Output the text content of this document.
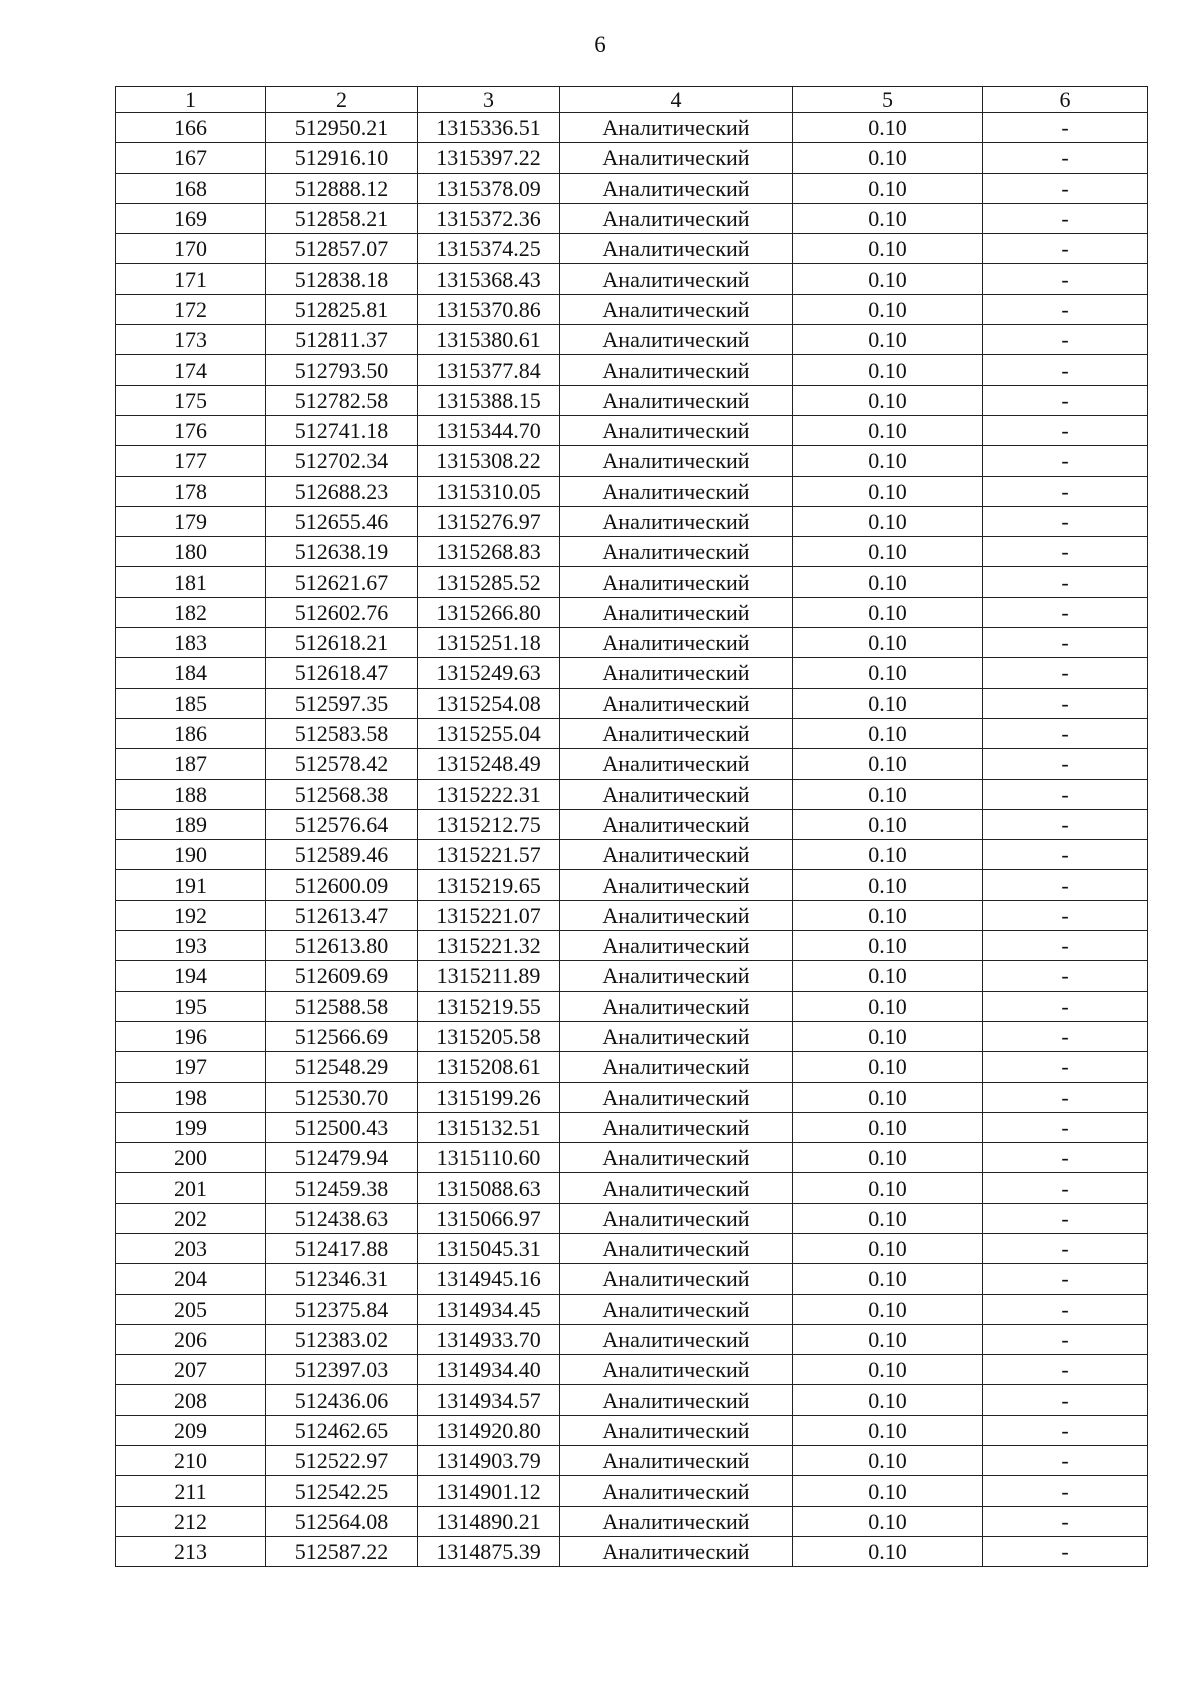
6
1	2	3	4	5	6
166	512950.21	1315336.51	Аналитический	0.10	-
167	512916.10	1315397.22	Аналитический	0.10	-
168	512888.12	1315378.09	Аналитический	0.10	-
169	512858.21	1315372.36	Аналитический	0.10	-
170	512857.07	1315374.25	Аналитический	0.10	-
171	512838.18	1315368.43	Аналитический	0.10	-
172	512825.81	1315370.86	Аналитический	0.10	-
173	512811.37	1315380.61	Аналитический	0.10	-
174	512793.50	1315377.84	Аналитический	0.10	-
175	512782.58	1315388.15	Аналитический	0.10	-
176	512741.18	1315344.70	Аналитический	0.10	-
177	512702.34	1315308.22	Аналитический	0.10	-
178	512688.23	1315310.05	Аналитический	0.10	-
179	512655.46	1315276.97	Аналитический	0.10	-
180	512638.19	1315268.83	Аналитический	0.10	-
181	512621.67	1315285.52	Аналитический	0.10	-
182	512602.76	1315266.80	Аналитический	0.10	-
183	512618.21	1315251.18	Аналитический	0.10	-
184	512618.47	1315249.63	Аналитический	0.10	-
185	512597.35	1315254.08	Аналитический	0.10	-
186	512583.58	1315255.04	Аналитический	0.10	-
187	512578.42	1315248.49	Аналитический	0.10	-
188	512568.38	1315222.31	Аналитический	0.10	-
189	512576.64	1315212.75	Аналитический	0.10	-
190	512589.46	1315221.57	Аналитический	0.10	-
191	512600.09	1315219.65	Аналитический	0.10	-
192	512613.47	1315221.07	Аналитический	0.10	-
193	512613.80	1315221.32	Аналитический	0.10	-
194	512609.69	1315211.89	Аналитический	0.10	-
195	512588.58	1315219.55	Аналитический	0.10	-
196	512566.69	1315205.58	Аналитический	0.10	-
197	512548.29	1315208.61	Аналитический	0.10	-
198	512530.70	1315199.26	Аналитический	0.10	-
199	512500.43	1315132.51	Аналитический	0.10	-
200	512479.94	1315110.60	Аналитический	0.10	-
201	512459.38	1315088.63	Аналитический	0.10	-
202	512438.63	1315066.97	Аналитический	0.10	-
203	512417.88	1315045.31	Аналитический	0.10	-
204	512346.31	1314945.16	Аналитический	0.10	-
205	512375.84	1314934.45	Аналитический	0.10	-
206	512383.02	1314933.70	Аналитический	0.10	-
207	512397.03	1314934.40	Аналитический	0.10	-
208	512436.06	1314934.57	Аналитический	0.10	-
209	512462.65	1314920.80	Аналитический	0.10	-
210	512522.97	1314903.79	Аналитический	0.10	-
211	512542.25	1314901.12	Аналитический	0.10	-
212	512564.08	1314890.21	Аналитический	0.10	-
213	512587.22	1314875.39	Аналитический	0.10	-
